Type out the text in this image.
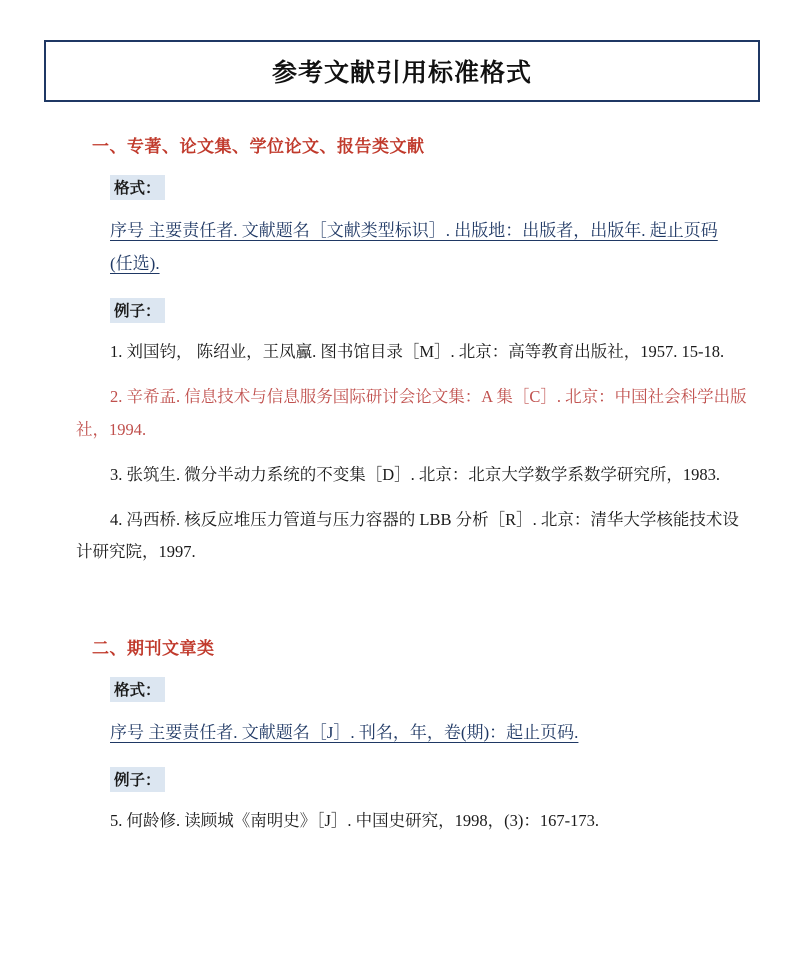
参考文献引用标准格式
一、专著、论文集、学位论文、报告类文献
格式：
序号 主要责任者. 文献题名［文献类型标识］. 出版地：出版者，出版年. 起止页码(任选).
例子：
1. 刘国钧， 陈绍业，王凤鸁. 图书馆目录［M］. 北京：高等教育出版社，1957. 15-18.
2. 辛希孟. 信息技术与信息服务国际研讨会论文集：A 集［C］. 北京：中国社会科学出版社，1994.
3. 张筑生. 微分半动力系统的不变集［D］. 北京：北京大学数学系数学研究所，1983.
4. 冯西桥. 核反应堆压力管道与压力容器的 LBB 分析［R］. 北京：清华大学核能技术设计研究院，1997.
二、期刊文章类
格式：
序号 主要责任者. 文献题名［J］. 刊名，年，卷(期)：起止页码.
例子：
5. 何龄修. 读顾城《南明史》［J］. 中国史研究，1998，(3)：167-173.
